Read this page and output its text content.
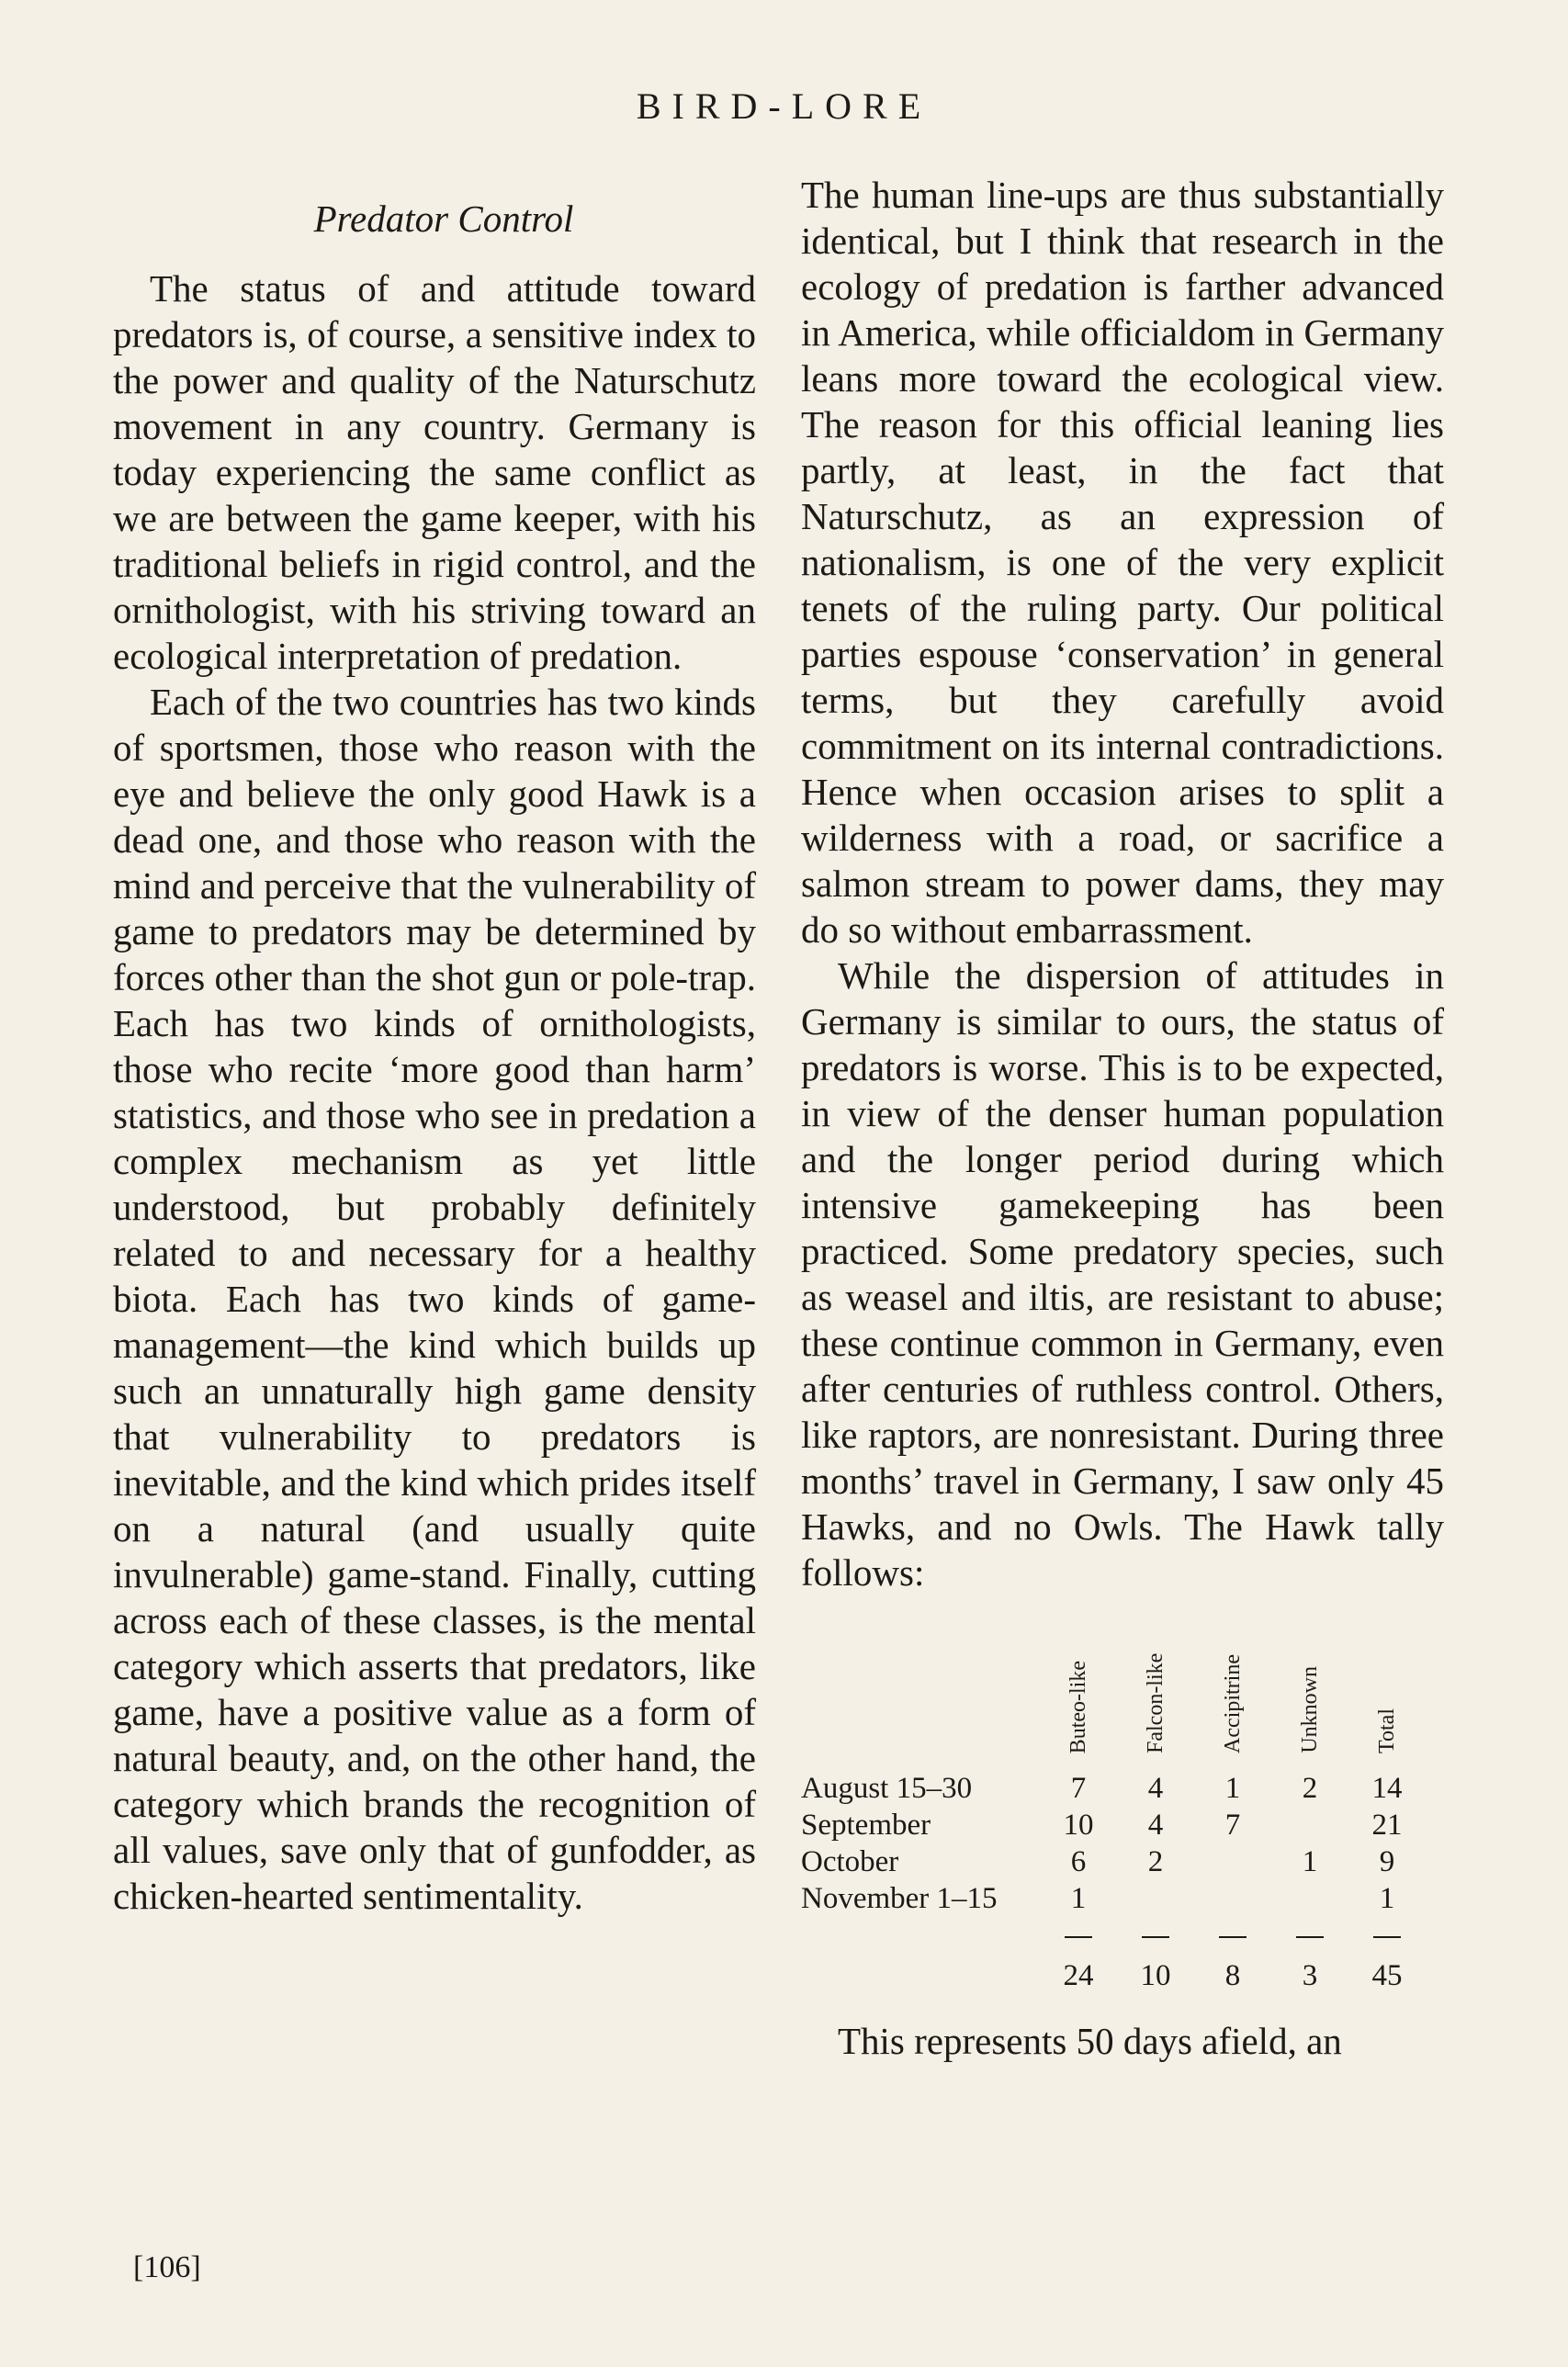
BIRD-LORE
Predator Control

The status of and attitude toward predators is, of course, a sensitive index to the power and quality of the Naturschutz movement in any country. Germany is today experiencing the same conflict as we are between the game keeper, with his traditional beliefs in rigid control, and the ornithologist, with his striving toward an ecological interpretation of predation.

Each of the two countries has two kinds of sportsmen, those who reason with the eye and believe the only good Hawk is a dead one, and those who reason with the mind and perceive that the vulnerability of game to predators may be determined by forces other than the shot gun or pole-trap. Each has two kinds of ornithologists, those who recite ‘more good than harm’ statistics, and those who see in predation a complex mechanism as yet little understood, but probably definitely related to and necessary for a healthy biota. Each has two kinds of game-management—the kind which builds up such an unnaturally high game density that vulnerability to predators is inevitable, and the kind which prides itself on a natural (and usually quite invulnerable) game-stand. Finally, cutting across each of these classes, is the mental category which asserts that predators, like game, have a positive value as a form of natural beauty, and, on the other hand, the category which brands the recognition of all values, save only that of gunfodder, as chicken-hearted sentimentality.

The human line-ups are thus substantially identical, but I think that research in the ecology of predation is farther advanced in America, while officialdom in Germany leans more toward the ecological view. The reason for this official leaning lies partly, at least, in the fact that Naturschutz, as an expression of nationalism, is one of the very explicit tenets of the ruling party. Our political parties espouse ‘conservation’ in general terms, but they carefully avoid commitment on its internal contradictions. Hence when occasion arises to split a wilderness with a road, or sacrifice a salmon stream to power dams, they may do so without embarrassment.

While the dispersion of attitudes in Germany is similar to ours, the status of predators is worse. This is to be expected, in view of the denser human population and the longer period during which intensive gamekeeping has been practiced. Some predatory species, such as weasel and iltis, are resistant to abuse; these continue common in Germany, even after centuries of ruthless control. Others, like raptors, are nonresistant. During three months’ travel in Germany, I saw only 45 Hawks, and no Owls. The Hawk tally follows:

	Buteo-like	Falcon-like	Accipitrine	Unknown	Total
August 15–30	7	4	1	2	14
September	10	4	7		21
October	6	2		1	9
November 1–15	1				1

	24	10	8	3	45

This represents 50 days afield, an

[106]
